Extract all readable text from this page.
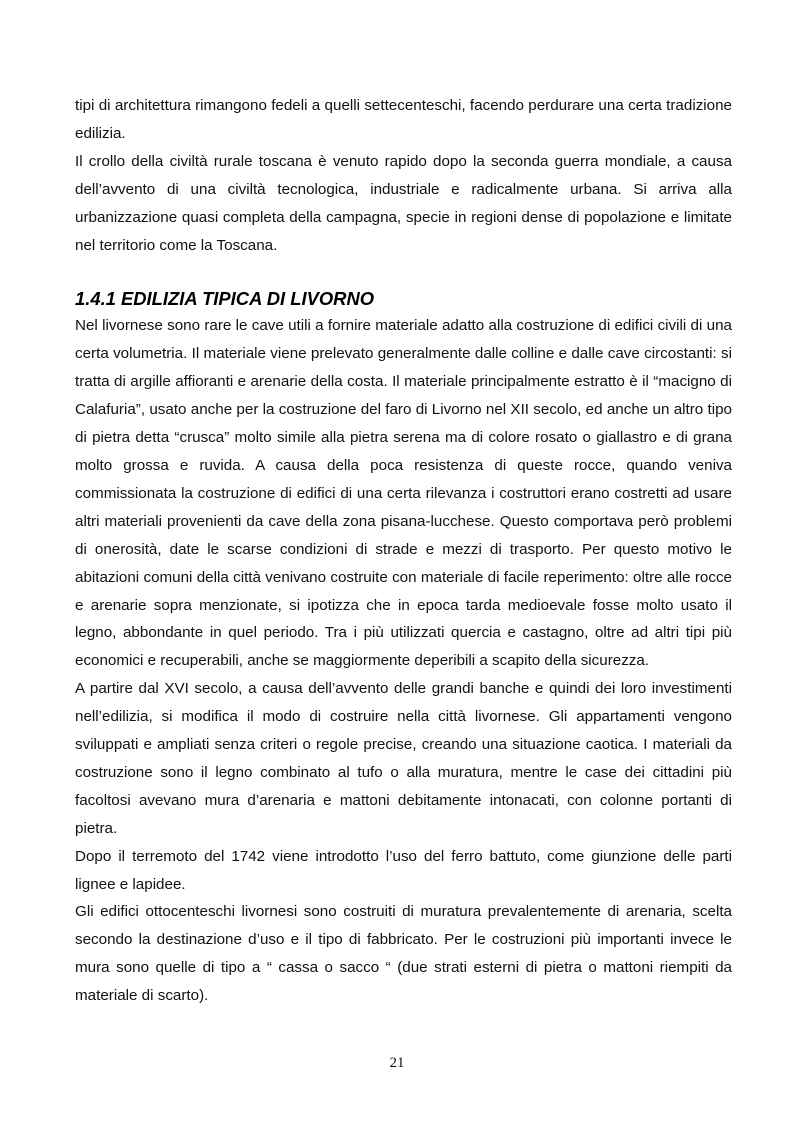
tipi di architettura rimangono fedeli a quelli settecenteschi, facendo perdurare una certa tradizione edilizia.

Il crollo della civiltà rurale toscana è venuto rapido dopo la seconda guerra mondiale, a causa dell’avvento di una civiltà tecnologica, industriale e radicalmente urbana. Si arriva alla urbanizzazione quasi completa della campagna, specie in regioni dense di popolazione e limitate nel territorio come la Toscana.

1.4.1 EDILIZIA TIPICA DI LIVORNO

Nel livornese sono rare le cave utili a fornire materiale adatto alla costruzione di edifici civili di una certa volumetria. Il materiale viene prelevato generalmente dalle colline e dalle cave circostanti: si tratta di argille affioranti e arenarie della costa. Il materiale principalmente estratto è il “macigno di Calafuria”, usato anche per la costruzione del faro di Livorno nel XII secolo, ed anche un altro tipo di pietra detta “crusca” molto simile alla pietra serena ma di colore rosato o giallastro e di grana molto grossa e ruvida. A causa della poca resistenza di queste rocce, quando veniva commissionata la costruzione di edifici di una certa rilevanza i costruttori erano costretti ad usare altri materiali provenienti da cave della zona pisana-lucchese. Questo comportava però problemi di onerosità, date le scarse condizioni di strade e mezzi di trasporto. Per questo motivo le abitazioni comuni della città venivano costruite con materiale di facile reperimento: oltre alle rocce e arenarie sopra menzionate, si ipotizza che in epoca tarda medioevale fosse molto usato il legno, abbondante in quel periodo. Tra i più utilizzati quercia e castagno, oltre ad altri tipi più economici e recuperabili, anche se maggiormente deperibili a scapito della sicurezza.

A partire dal XVI secolo, a causa dell’avvento delle grandi banche e quindi dei loro investimenti nell’edilizia, si modifica il modo di costruire nella città livornese. Gli appartamenti vengono sviluppati e ampliati senza criteri o regole precise, creando una situazione caotica. I materiali da costruzione sono il legno combinato al tufo o alla muratura, mentre le case dei cittadini più facoltosi avevano mura d’arenaria e mattoni debitamente intonacati, con colonne portanti di pietra.

Dopo il terremoto del 1742 viene introdotto l’uso del ferro battuto, come giunzione delle parti lignee e lapidee.

Gli edifici ottocenteschi livornesi sono costruiti di muratura prevalentemente di arenaria, scelta secondo la destinazione d’uso e il tipo di fabbricato. Per le costruzioni più importanti invece le mura sono quelle di tipo a “ cassa o sacco “ (due strati esterni di pietra o mattoni riempiti da materiale di scarto).

21
